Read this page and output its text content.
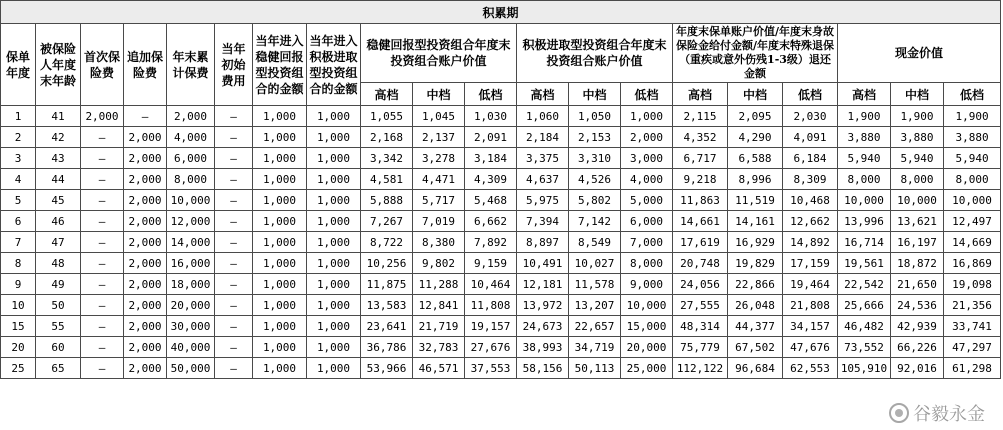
积累期																			
保单年度	被保险人年度末年龄	首次保险费	追加保险费	年末累计保费	当年初始费用	当年进入稳健回报型投资组合的金额	当年进入积极进取型投资组合的金额	稳健回报型投资组合年度末投资组合账户价值			积极进取型投资组合年度末投资组合账户价值			年度末保单账户价值/年度末身故保险金给付金额/年度末特殊退保（重疾或意外伤残1-3级）退还金额			现金价值		
								高档	中档	低档	高档	中档	低档	高档	中档	低档	高档	中档	低档
1	41	2,000	–	2,000	–	1,000	1,000	1,055	1,045	1,030	1,060	1,050	1,000	2,115	2,095	2,030	1,900	1,900	1,900
2	42	–	2,000	4,000	–	1,000	1,000	2,168	2,137	2,091	2,184	2,153	2,000	4,352	4,290	4,091	3,880	3,880	3,880
3	43	–	2,000	6,000	–	1,000	1,000	3,342	3,278	3,184	3,375	3,310	3,000	6,717	6,588	6,184	5,940	5,940	5,940
4	44	–	2,000	8,000	–	1,000	1,000	4,581	4,471	4,309	4,637	4,526	4,000	9,218	8,996	8,309	8,000	8,000	8,000
5	45	–	2,000	10,000	–	1,000	1,000	5,888	5,717	5,468	5,975	5,802	5,000	11,863	11,519	10,468	10,000	10,000	10,000
6	46	–	2,000	12,000	–	1,000	1,000	7,267	7,019	6,662	7,394	7,142	6,000	14,661	14,161	12,662	13,996	13,621	12,497
7	47	–	2,000	14,000	–	1,000	1,000	8,722	8,380	7,892	8,897	8,549	7,000	17,619	16,929	14,892	16,714	16,197	14,669
8	48	–	2,000	16,000	–	1,000	1,000	10,256	9,802	9,159	10,491	10,027	8,000	20,748	19,829	17,159	19,561	18,872	16,869
9	49	–	2,000	18,000	–	1,000	1,000	11,875	11,288	10,464	12,181	11,578	9,000	24,056	22,866	19,464	22,542	21,650	19,098
10	50	–	2,000	20,000	–	1,000	1,000	13,583	12,841	11,808	13,972	13,207	10,000	27,555	26,048	21,808	25,666	24,536	21,356
15	55	–	2,000	30,000	–	1,000	1,000	23,641	21,719	19,157	24,673	22,657	15,000	48,314	44,377	34,157	46,482	42,939	33,741
20	60	–	2,000	40,000	–	1,000	1,000	36,786	32,783	27,676	38,993	34,719	20,000	75,779	67,502	47,676	73,552	66,226	47,297
25	65	–	2,000	50,000	–	1,000	1,000	53,966	46,571	37,553	58,156	50,113	25,000	112,122	96,684	62,553	105,910	92,016	61,298
谷毅永金
